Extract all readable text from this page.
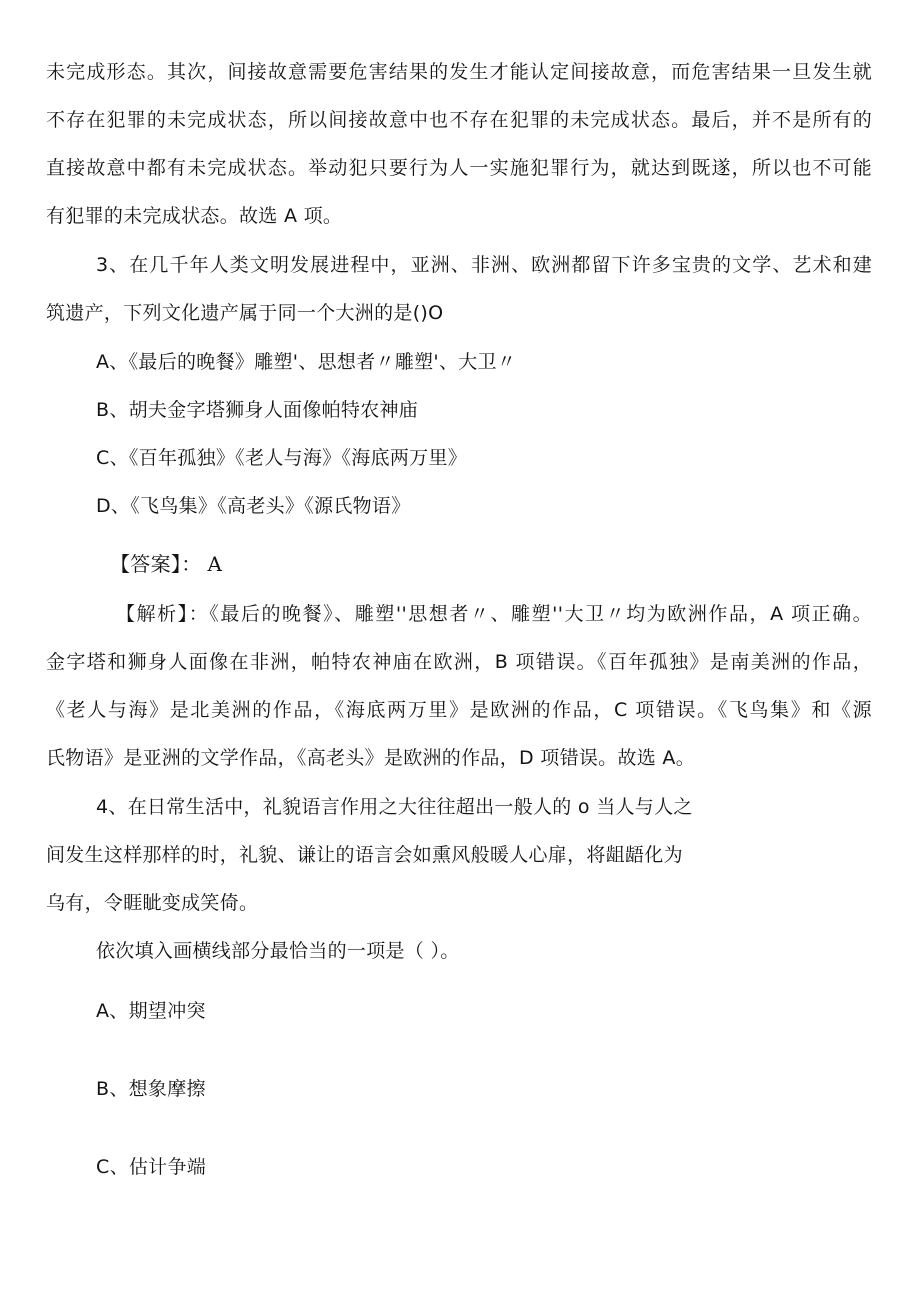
未完成形态。其次，间接故意需要危害结果的发生才能认定间接故意，而危害结果一旦发生就
不存在犯罪的未完成状态，所以间接故意中也不存在犯罪的未完成状态。最后，并不是所有的
直接故意中都有未完成状态。举动犯只要行为人一实施犯罪行为，就达到既遂，所以也不可能
有犯罪的未完成状态。故选 A 项。
3、在几千年人类文明发展进程中，亚洲、非洲、欧洲都留下许多宝贵的文学、艺术和建
筑遗产，下列文化遗产属于同一个大洲的是()O
A、《最后的晚餐》雕塑'、思想者〃雕塑'、大卫〃
B、胡夫金字塔狮身人面像帕特农神庙
C、《百年孤独》《老人与海》《海底两万里》
D、《飞鸟集》《高老头》《源氏物语》
【答案】： A
【解析】：《最后的晚餐》、雕塑''思想者〃、雕塑''大卫〃均为欧洲作品，A 项正确。
金字塔和狮身人面像在非洲，帕特农神庙在欧洲，B 项错误。《百年孤独》是南美洲的作品，
《老人与海》是北美洲的作品，《海底两万里》是欧洲的作品，C 项错误。《飞鸟集》和《源
氏物语》是亚洲的文学作品，《高老头》是欧洲的作品，D 项错误。故选 A。
4、在日常生活中，礼貌语言作用之大往往超出一般人的 o 当人与人之
间发生这样那样的时，礼貌、谦让的语言会如熏风般暖人心扉，将龃龉化为
乌有，令睚眦变成笑倚。
依次填入画横线部分最恰当的一项是（ ）。
A、期望冲突
B、想象摩擦
C、估计争端
